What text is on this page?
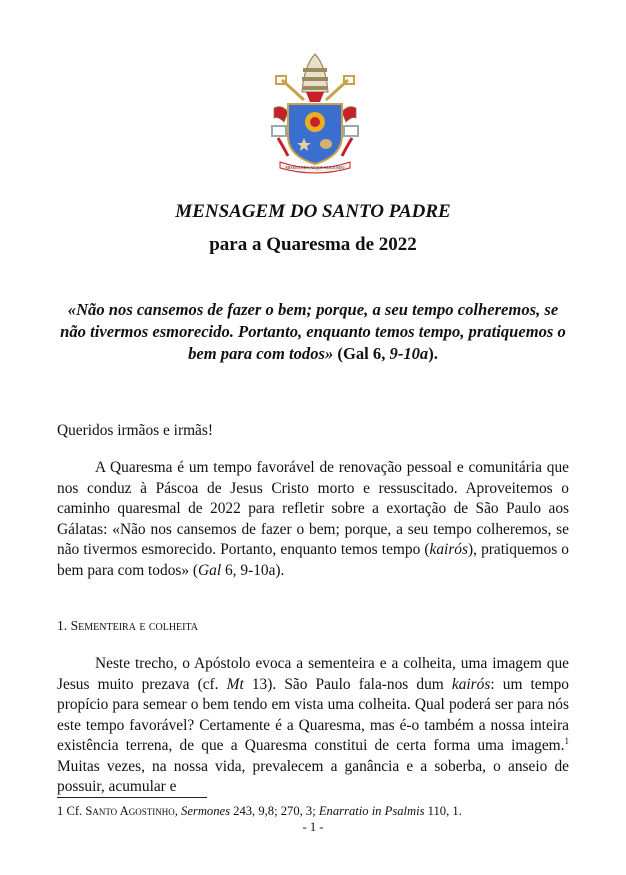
MISERANDO ATQUE ELIGENDO
MENSAGEM DO SANTO PADRE
para a Quaresma de 2022
«Não nos cansemos de fazer o bem; porque, a seu tempo colheremos, se não tivermos esmorecido. Portanto, enquanto temos tempo, pratiquemos o bem para com todos» (Gal 6, 9-10a).
Queridos irmãos e irmãs!
A Quaresma é um tempo favorável de renovação pessoal e comunitária que nos conduz à Páscoa de Jesus Cristo morto e ressuscitado. Aproveitemos o caminho quaresmal de 2022 para refletir sobre a exortação de São Paulo aos Gálatas: «Não nos cansemos de fazer o bem; porque, a seu tempo colheremos, se não tivermos esmorecido. Portanto, enquanto temos tempo (kairós), pratiquemos o bem para com todos» (Gal 6, 9-10a).
1. Sementeira e colheita
Neste trecho, o Apóstolo evoca a sementeira e a colheita, uma imagem que Jesus muito prezava (cf. Mt 13). São Paulo fala-nos dum kairós: um tempo propício para semear o bem tendo em vista uma colheita. Qual poderá ser para nós este tempo favorável? Certamente é a Quaresma, mas é-o também a nossa inteira existência terrena, de que a Quaresma constitui de certa forma uma imagem.$^1$ Muitas vezes, na nossa vida, prevalecem a ganância e a soberba, o anseio de possuir, acumular e
1 Cf. Santo Agostinho, Sermones 243, 9,8; 270, 3; Enarratio in Psalmis 110, 1.
- 1 -
